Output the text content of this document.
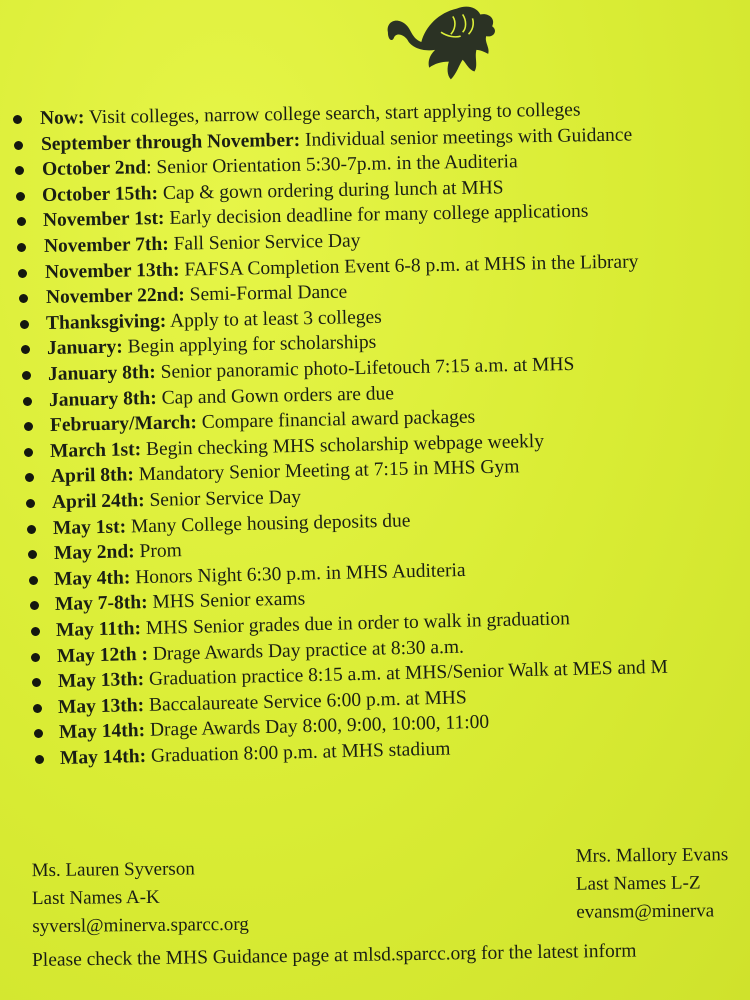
Now: Visit colleges, narrow college search, start applying to colleges
September through November: Individual senior meetings with Guidance
October 2nd: Senior Orientation 5:30-7p.m. in the Auditeria
October 15th: Cap & gown ordering during lunch at MHS
November 1st: Early decision deadline for many college applications
November 7th: Fall Senior Service Day
November 13th: FAFSA Completion Event 6-8 p.m. at MHS in the Library
November 22nd: Semi-Formal Dance
Thanksgiving: Apply to at least 3 colleges
January: Begin applying for scholarships
January 8th: Senior panoramic photo-Lifetouch 7:15 a.m. at MHS
January 8th: Cap and Gown orders are due
February/March: Compare financial award packages
March 1st: Begin checking MHS scholarship webpage weekly
April 8th: Mandatory Senior Meeting at 7:15 in MHS Gym
April 24th: Senior Service Day
May 1st: Many College housing deposits due
May 2nd: Prom
May 4th: Honors Night 6:30 p.m. in MHS Auditeria
May 7-8th: MHS Senior exams
May 11th: MHS Senior grades due in order to walk in graduation
May 12th : Drage Awards Day practice at 8:30 a.m.
May 13th: Graduation practice 8:15 a.m. at MHS/Senior Walk at MES and M
May 13th: Baccalaureate Service 6:00 p.m. at MHS
May 14th: Drage Awards Day 8:00, 9:00, 10:00, 11:00
May 14th: Graduation 8:00 p.m. at MHS stadium
Ms. Lauren Syverson
Last Names A-K
syversl@minerva.sparcc.org
Mrs. Mallory Evans
Last Names L-Z
evansm@minerva
Please check the MHS Guidance page at mlsd.sparcc.org for the latest inform
